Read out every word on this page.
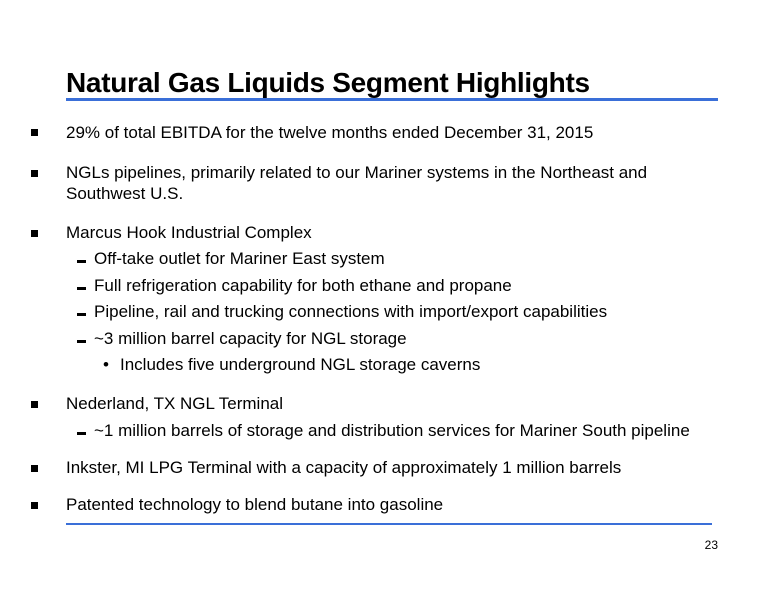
Natural Gas Liquids Segment Highlights
29% of total EBITDA for the twelve months ended December 31, 2015
NGLs pipelines, primarily related to our Mariner systems in the Northeast and
Southwest U.S.
Marcus Hook Industrial Complex
Off-take outlet for Mariner East system
Full refrigeration capability for both ethane and propane
Pipeline, rail and trucking connections with import/export capabilities
~3 million barrel capacity for NGL storage
• Includes five underground NGL storage caverns
Nederland, TX NGL Terminal
~1 million barrels of storage and distribution services for Mariner South pipeline
Inkster, MI LPG Terminal with a capacity of approximately 1 million barrels
Patented technology to blend butane into gasoline
23
